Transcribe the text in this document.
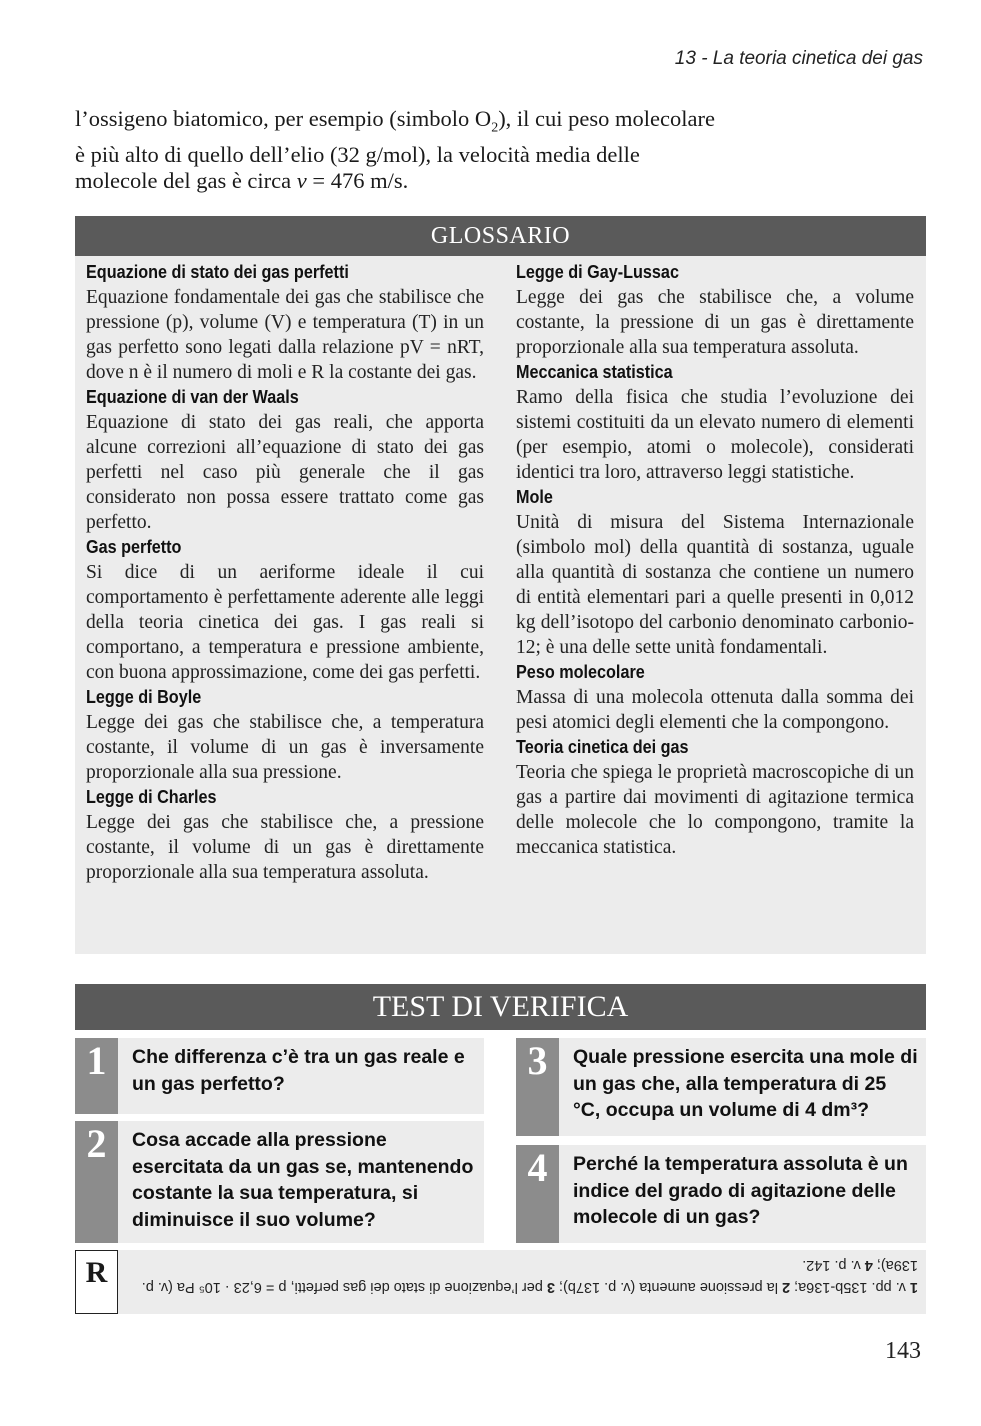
13 - La teoria cinetica dei gas
l’ossigeno biatomico, per esempio (simbolo $O_2$), il cui peso molecolare è più alto di quello dell’elio (32 g/mol), la velocità media delle molecole del gas è circa v = 476 m/s.
GLOSSARIO
Equazione di stato dei gas perfetti
Equazione fondamentale dei gas che stabilisce che pressione (p), volume (V) e temperatura (T) in un gas perfetto sono legati dalla relazione pV = nRT, dove n è il numero di moli e R la costante dei gas.
Equazione di van der Waals
Equazione di stato dei gas reali, che apporta alcune correzioni all’equazione di stato dei gas perfetti nel caso più generale che il gas considerato non possa essere trattato come gas perfetto.
Gas perfetto
Si dice di un aeriforme ideale il cui comportamento è perfettamente aderente alle leggi della teoria cinetica dei gas. I gas reali si comportano, a temperatura e pressione ambiente, con buona approssimazione, come dei gas perfetti.
Legge di Boyle
Legge dei gas che stabilisce che, a temperatura costante, il volume di un gas è inversamente proporzionale alla sua pressione.
Legge di Charles
Legge dei gas che stabilisce che, a pressione costante, il volume di un gas è direttamente proporzionale alla sua temperatura assoluta.
Legge di Gay-Lussac
Legge dei gas che stabilisce che, a volume costante, la pressione di un gas è direttamente proporzionale alla sua temperatura assoluta.
Meccanica statistica
Ramo della fisica che studia l’evoluzione dei sistemi costituiti da un elevato numero di elementi (per esempio, atomi o molecole), considerati identici tra loro, attraverso leggi statistiche.
Mole
Unità di misura del Sistema Internazionale (simbolo mol) della quantità di sostanza, uguale alla quantità di sostanza che contiene un numero di entità elementari pari a quelle presenti in 0,012 kg dell’isotopo del carbonio denominato carbonio-12; è una delle sette unità fondamentali.
Peso molecolare
Massa di una molecola ottenuta dalla somma dei pesi atomici degli elementi che la compongono.
Teoria cinetica dei gas
Teoria che spiega le proprietà macroscopiche di un gas a partire dai movimenti di agitazione termica delle molecole che lo compongono, tramite la meccanica statistica.
TEST DI VERIFICA
1	Che differenza c’è tra un gas reale e un gas perfetto?
2	Cosa accade alla pressione esercitata da un gas se, mantenendo costante la sua temperatura, si diminuisce il suo volume?
3	Quale pressione esercita una mole di un gas che, alla temperatura di 25 °C, occupa un volume di 4 dm³?
4	Perché la temperatura assoluta è un indice del grado di agitazione delle molecole di un gas?
R	1 v. pp. 135b-136a; 2 la pressione aumenta (v. p. 137b); 3 per l’equazione di stato dei gas perfetti, p = 6,23 · 10⁵ Pa (v. p. 139a); 4 v. p. 142.
143
